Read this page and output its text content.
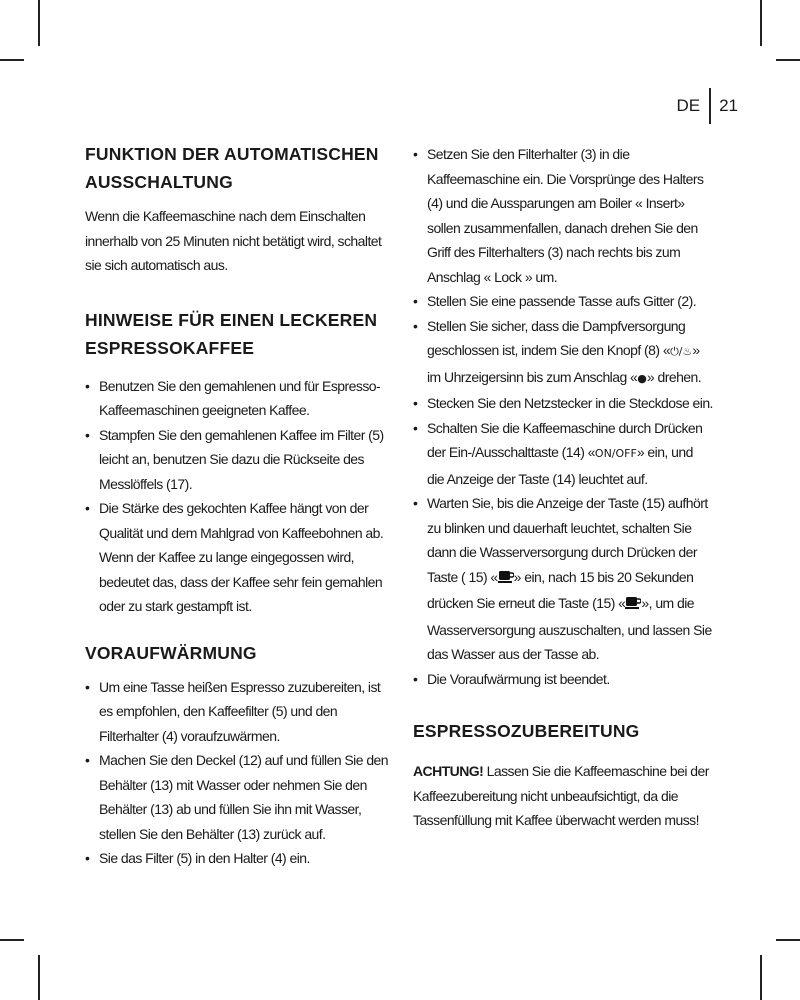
DE	21
FUNKTION DER AUTOMATISCHEN
AUSSCHALTUNG

Wenn die Kaffeemaschine nach dem Einschalten innerhalb von 25 Minuten nicht betätigt wird, schaltet sie sich automatisch aus.

HINWEISE FÜR EINEN LECKEREN
ESPRESSOKAFFEE
• Benutzen Sie den gemahlenen und für Espresso-Kaffeemaschinen geeigneten Kaffee.
• Stampfen Sie den gemahlenen Kaffee im Filter (5) leicht an, benutzen Sie dazu die Rückseite des Messlöffels (17).
• Die Stärke des gekochten Kaffee hängt von der Qualität und dem Mahlgrad von Kaffeebohnen ab. Wenn der Kaffee zu lange eingegossen wird, bedeutet das, dass der Kaffee sehr fein gemahlen oder zu stark gestampft ist.
VORAUFWÄRMUNG
• Um eine Tasse heißen Espresso zuzubereiten, ist es empfohlen, den Kaffeefilter (5) und den Filterhalter (4) voraufzuwärmen.
• Machen Sie den Deckel (12) auf und füllen Sie den Behälter (13) mit Wasser oder nehmen Sie den Behälter (13) ab und füllen Sie ihn mit Wasser, stellen Sie den Behälter (13) zurück auf.
• Sie das Filter (5) in den Halter (4) ein.
• Setzen Sie den Filterhalter (3) in die Kaffeemaschine ein. Die Vorsprünge des Halters (4) und die Aussparungen am Boiler « Insert» sollen zusammenfallen, danach drehen Sie den Griff des Filterhalters (3) nach rechts bis zum Anschlag « Lock » um.
• Stellen Sie eine passende Tasse aufs Gitter (2).
• Stellen Sie sicher, dass die Dampfversorgung geschlossen ist, indem Sie den Knopf (8) «⏻/♨» im Uhrzeigersinn bis zum Anschlag «●» drehen.
• Stecken Sie den Netzstecker in die Steckdose ein.
• Schalten Sie die Kaffeemaschine durch Drücken der Ein-/Ausschalttaste (14) «ON/OFF» ein, und die Anzeige der Taste (14) leuchtet auf.
• Warten Sie, bis die Anzeige der Taste (15) aufhört zu blinken und dauerhaft leuchtet, schalten Sie dann die Wasserversorgung durch Drücken der Taste ( 15) « » ein, nach 15 bis 20 Sekunden drücken Sie erneut die Taste (15) « », um die Wasserversorgung auszuschalten, und lassen Sie das Wasser aus der Tasse ab.
• Die Voraufwärmung ist beendet.
ESPRESSOZUBEREITUNG

ACHTUNG! Lassen Sie die Kaffeemaschine bei der Kaffeezubereitung nicht unbeaufsichtigt, da die Tassenfüllung mit Kaffee überwacht werden muss!
